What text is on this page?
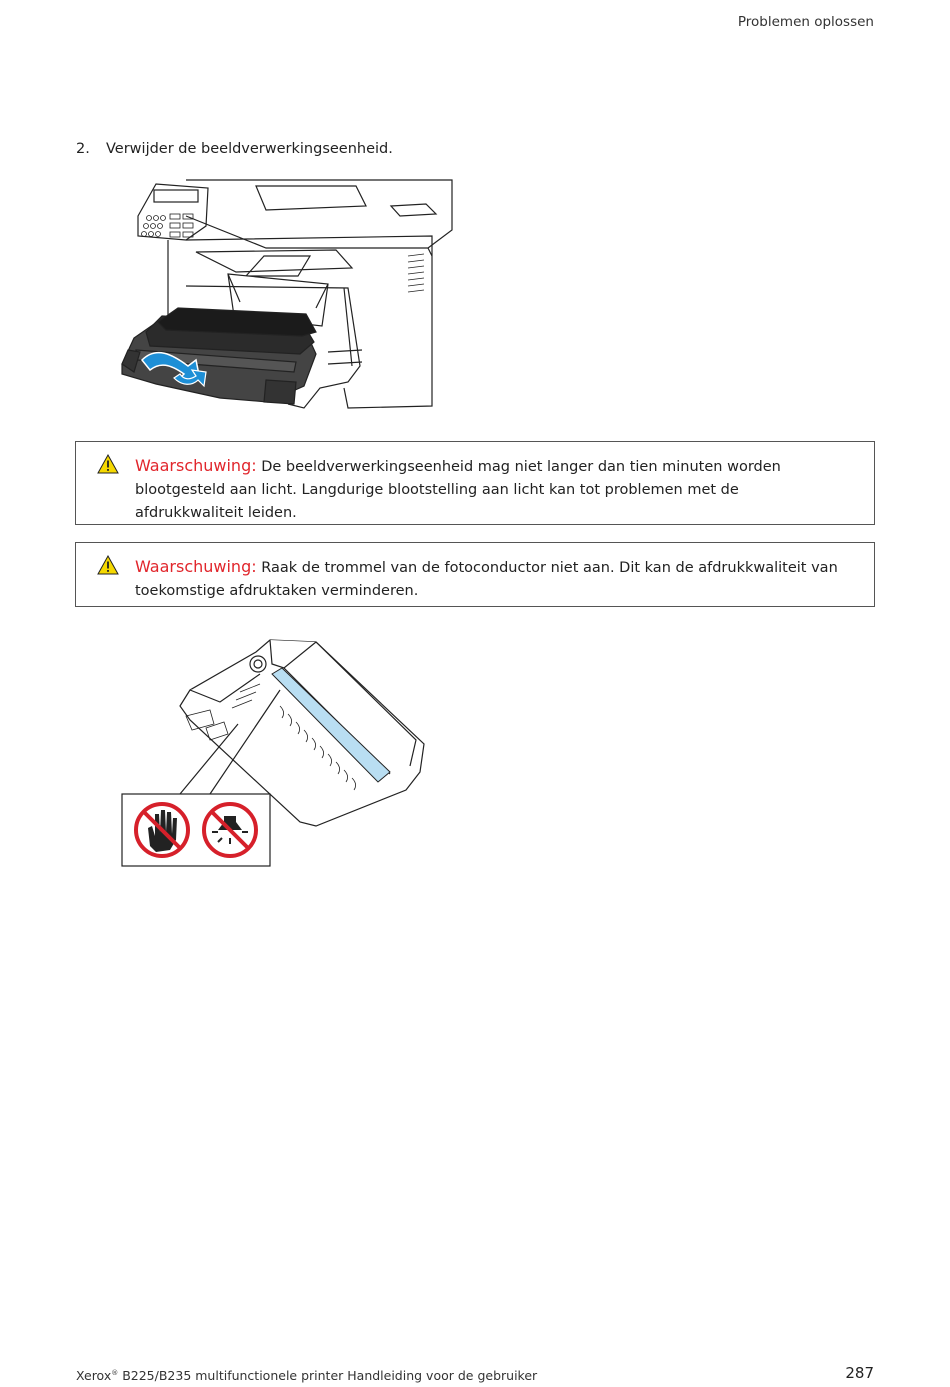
Problemen oplossen
2. Verwijder de beeldverwerkingseenheid.
Waarschuwing: De beeldverwerkingseenheid mag niet langer dan tien minuten worden blootgesteld aan licht. Langdurige blootstelling aan licht kan tot problemen met de afdrukkwaliteit leiden.
Waarschuwing: Raak de trommel van de fotoconductor niet aan. Dit kan de afdrukkwaliteit van toekomstige afdruktaken verminderen.
Xerox® B225/B235 multifunctionele printer Handleiding voor de gebruiker	287
